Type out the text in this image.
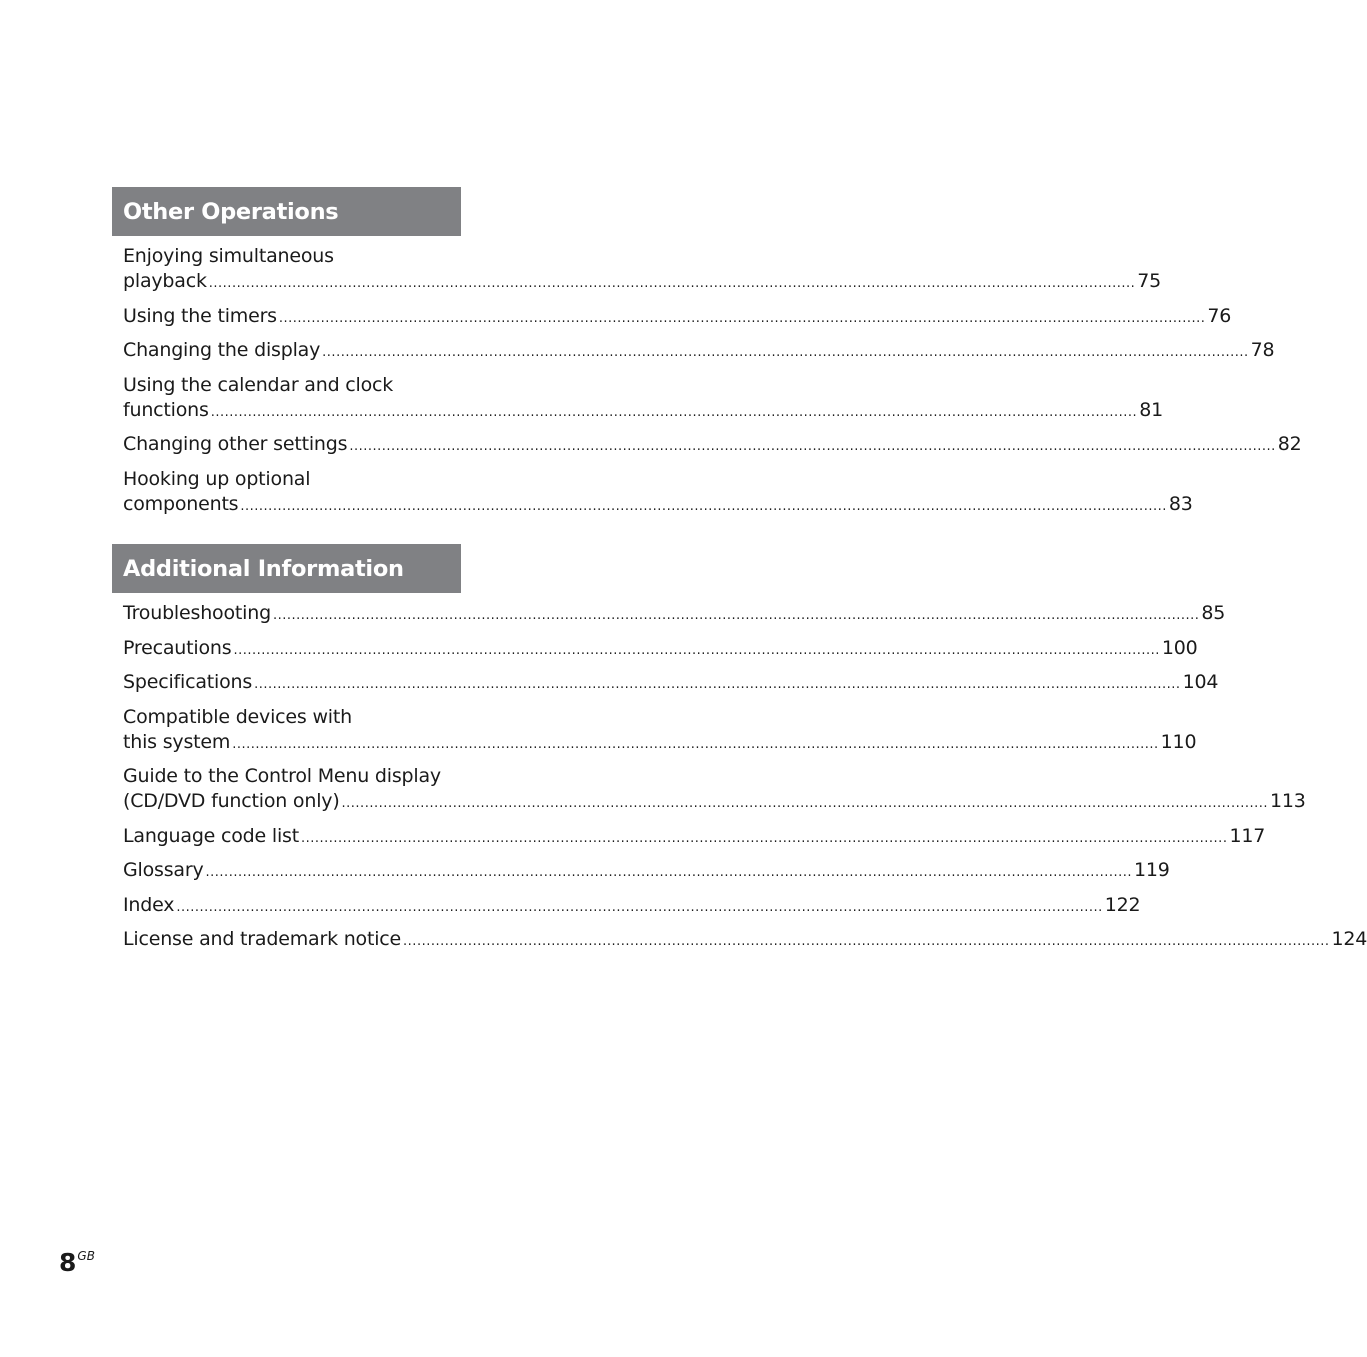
Other Operations
Enjoying simultaneous
playback ........................................................................................................................................................................................................ 75
Using the timers ........................................................................................................................................................................................................ 76
Changing the display ........................................................................................................................................................................................................ 78
Using the calendar and clock
functions ........................................................................................................................................................................................................ 81
Changing other settings ........................................................................................................................................................................................................ 82
Hooking up optional
components ........................................................................................................................................................................................................ 83
Additional Information
Troubleshooting ........................................................................................................................................................................................................ 85
Precautions ........................................................................................................................................................................................................ 100
Specifications ........................................................................................................................................................................................................ 104
Compatible devices with
this system ........................................................................................................................................................................................................ 110
Guide to the Control Menu display
(CD/DVD function only) ........................................................................................................................................................................................................ 113
Language code list ........................................................................................................................................................................................................ 117
Glossary ........................................................................................................................................................................................................ 119
Index ........................................................................................................................................................................................................ 122
License and trademark notice ........................................................................................................................................................................................................ 124
$8^{GB}$
